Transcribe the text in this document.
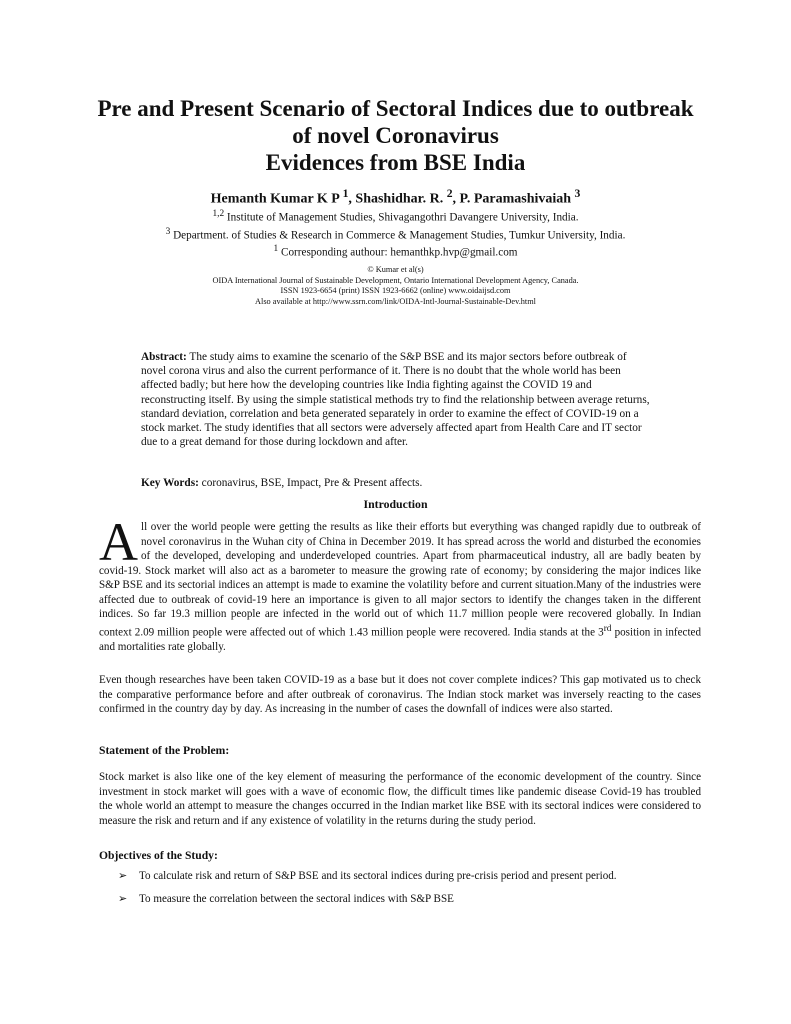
Pre and Present Scenario of Sectoral Indices due to outbreak
of novel Coronavirus
Evidences from BSE India

Hemanth Kumar K P $^1$, Shashidhar. R. $^2$, P. Paramashivaiah $^3$

$^{1,2}$ Institute of Management Studies, Shivagangothri Davangere University, India.
$^3$ Department. of Studies & Research in Commerce & Management Studies, Tumkur University, India.
$^1$ Corresponding authour: hemanthkp.hvp@gmail.com

© Kumar et al(s)
OIDA International Journal of Sustainable Development, Ontario International Development Agency, Canada.
ISSN 1923-6654 (print) ISSN 1923-6662 (online) www.oidaijsd.com
Also available at http://www.ssrn.com/link/OIDA-Intl-Journal-Sustainable-Dev.html

Abstract: The study aims to examine the scenario of the S&P BSE and its major sectors before outbreak of novel corona virus and also the current performance of it. There is no doubt that the whole world has been affected badly; but here how the developing countries like India fighting against the COVID 19 and reconstructing itself. By using the simple statistical methods try to find the relationship between average returns, standard deviation, correlation and beta generated separately in order to examine the effect of COVID-19 on a stock market. The study identifies that all sectors were adversely affected apart from Health Care and IT sector due to a great demand for those during lockdown and after.

Key Words: coronavirus, BSE, Impact, Pre & Present affects.

Introduction

All over the world people were getting the results as like their efforts but everything was changed rapidly due to outbreak of novel coronavirus in the Wuhan city of China in December 2019. It has spread across the world and disturbed the economies of the developed, developing and underdeveloped countries. Apart from pharmaceutical industry, all are badly beaten by covid-19. Stock market will also act as a barometer to measure the growing rate of economy; by considering the major indices like S&P BSE and its sectorial indices an attempt is made to examine the volatility before and current situation.Many of the industries were affected due to outbreak of covid-19 here an importance is given to all major sectors to identify the changes taken in the different indices. So far 19.3 million people are infected in the world out of which 11.7 million people were recovered globally. In Indian context 2.09 million people were affected out of which 1.43 million people were recovered. India stands at the 3rd position in infected and mortalities rate globally.

Even though researches have been taken COVID-19 as a base but it does not cover complete indices? This gap motivated us to check the comparative performance before and after outbreak of coronavirus. The Indian stock market was inversely reacting to the cases confirmed in the country day by day. As increasing in the number of cases the downfall of indices were also started.

Statement of the Problem:

Stock market is also like one of the key element of measuring the performance of the economic development of the country. Since investment in stock market will goes with a wave of economic flow, the difficult times like pandemic disease Covid-19 has troubled the whole world an attempt to measure the changes occurred in the Indian market like BSE with its sectoral indices were considered to measure the risk and return and if any existence of volatility in the returns during the study period.

Objectives of the Study:
➢ To calculate risk and return of S&P BSE and its sectoral indices during pre-crisis period and present period.
➢ To measure the correlation between the sectoral indices with S&P BSE
